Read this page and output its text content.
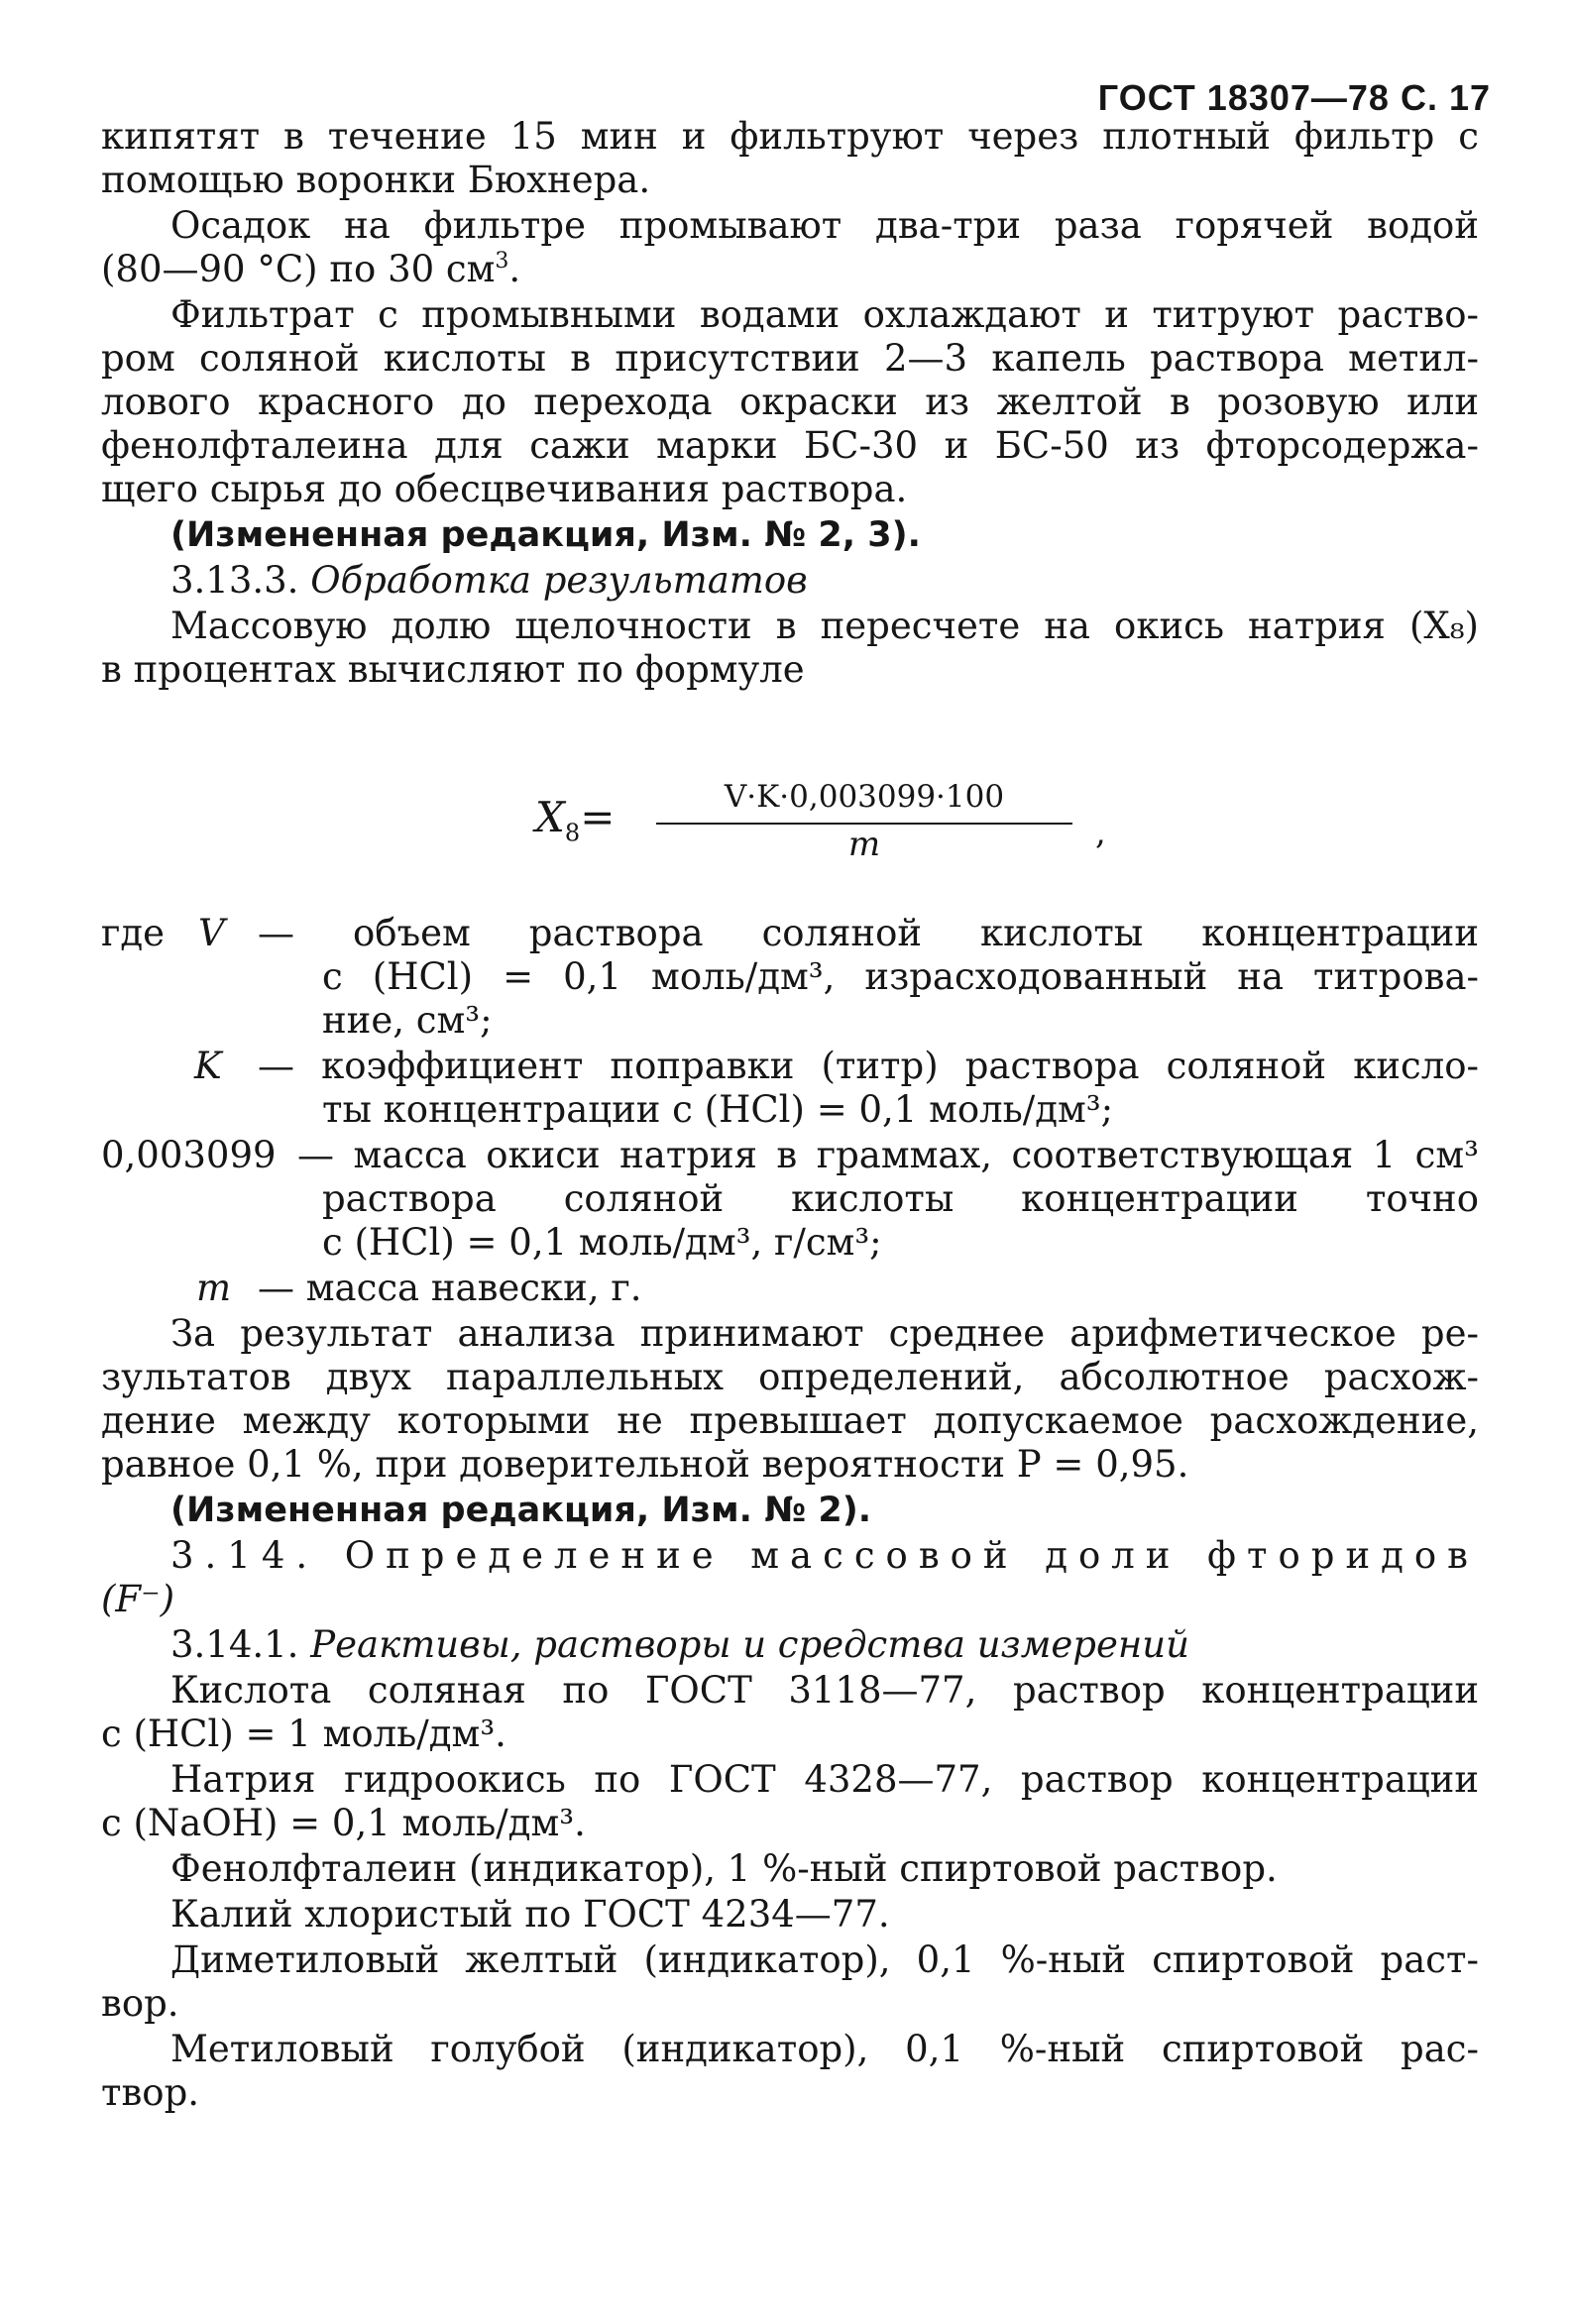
ГОСТ 18307—78 С. 17
кипятят в течение 15 мин и фильтруют через плотный фильтр с
помощью воронки Бюхнера.
Осадок на фильтре промывают два-три раза горячей водой
(80—90 °С) по 30 $см^3$.
Фильтрат с промывными водами охлаждают и титруют раство-
ром соляной кислоты в присутствии 2—3 капель раствора метил-
лового красного до перехода окраски из желтой в розовую или
фенолфталеина для сажи марки БС-30 и БС-50 из фторсодержа-
щего сырья до обесцвечивания раствора.
(Измененная редакция, Изм. № 2, 3).
3.13.3. Обработка результатов
Массовую долю щелочности в пересчете на окись натрия (X₈)
в процентах вычисляют по формуле
$X_8=$	V·K·0,003099·100
m	,
где V — объем раствора соляной кислоты концентрации
с (HCl) = 0,1 моль/дм³, израсходованный на титрова-
ние, см³;
K — коэффициент поправки (титр) раствора соляной кисло-
ты концентрации с (HCl) = 0,1 моль/дм³;
0,003099 — масса окиси натрия в граммах, соответствующая 1 см³
раствора соляной кислоты концентрации точно
с (HCl) = 0,1 моль/дм³, г/см³;
m — масса навески, г.
За результат анализа принимают среднее арифметическое ре-
зультатов двух параллельных определений, абсолютное расхож-
дение между которыми не превышает допускаемое расхождение,
равное 0,1 %, при доверительной вероятности Р = 0,95.
(Измененная редакция, Изм. № 2).
3.14. Определение массовой доли фторидов
(F⁻)
3.14.1. Реактивы, растворы и средства измерений
Кислота соляная по ГОСТ 3118—77, раствор концентрации
с (HCl) = 1 моль/дм³.
Натрия гидроокись по ГОСТ 4328—77, раствор концентрации
с (NaOH) = 0,1 моль/дм³.
Фенолфталеин (индикатор), 1 %-ный спиртовой раствор.
Калий хлористый по ГОСТ 4234—77.
Диметиловый желтый (индикатор), 0,1 %-ный спиртовой раст-
вор.
Метиловый голубой (индикатор), 0,1 %-ный спиртовой рас-
твор.
